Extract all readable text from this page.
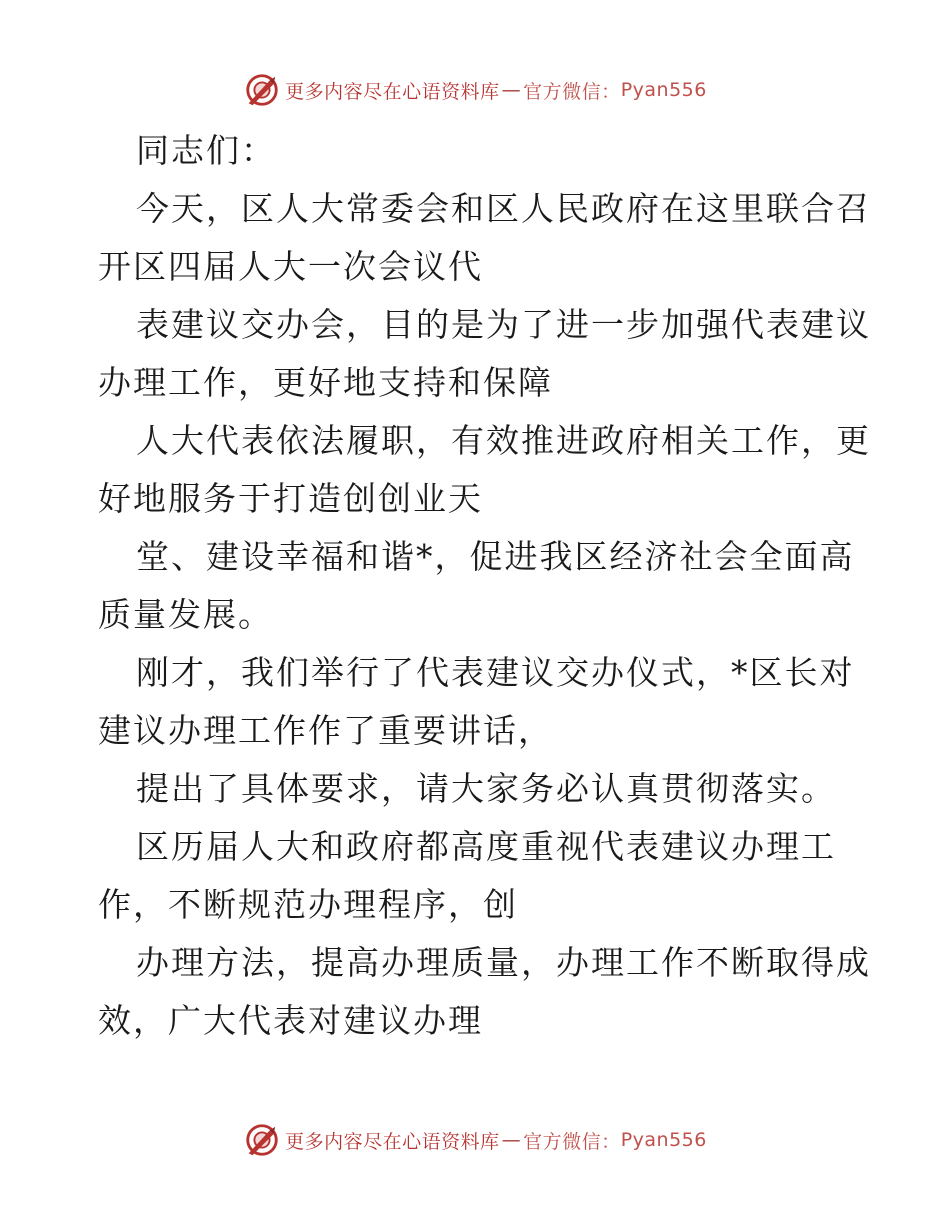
更多内容尽在心语资料库 — 官方微信： Pyan556
同志们：
今天，区人大常委会和区人民政府在这里联合召
开区四届人大一次会议代
表建议交办会，目的是为了进一步加强代表建议
办理工作，更好地支持和保障
人大代表依法履职，有效推进政府相关工作，更
好地服务于打造创创业天
堂、建设幸福和谐*，促进我区经济社会全面高
质量发展。
刚才，我们举行了代表建议交办仪式，*区长对
建议办理工作作了重要讲话，
提出了具体要求，请大家务必认真贯彻落实。
区历届人大和政府都高度重视代表建议办理工
作，不断规范办理程序，创
办理方法，提高办理质量，办理工作不断取得成
效，广大代表对建议办理
更多内容尽在心语资料库 — 官方微信： Pyan556
